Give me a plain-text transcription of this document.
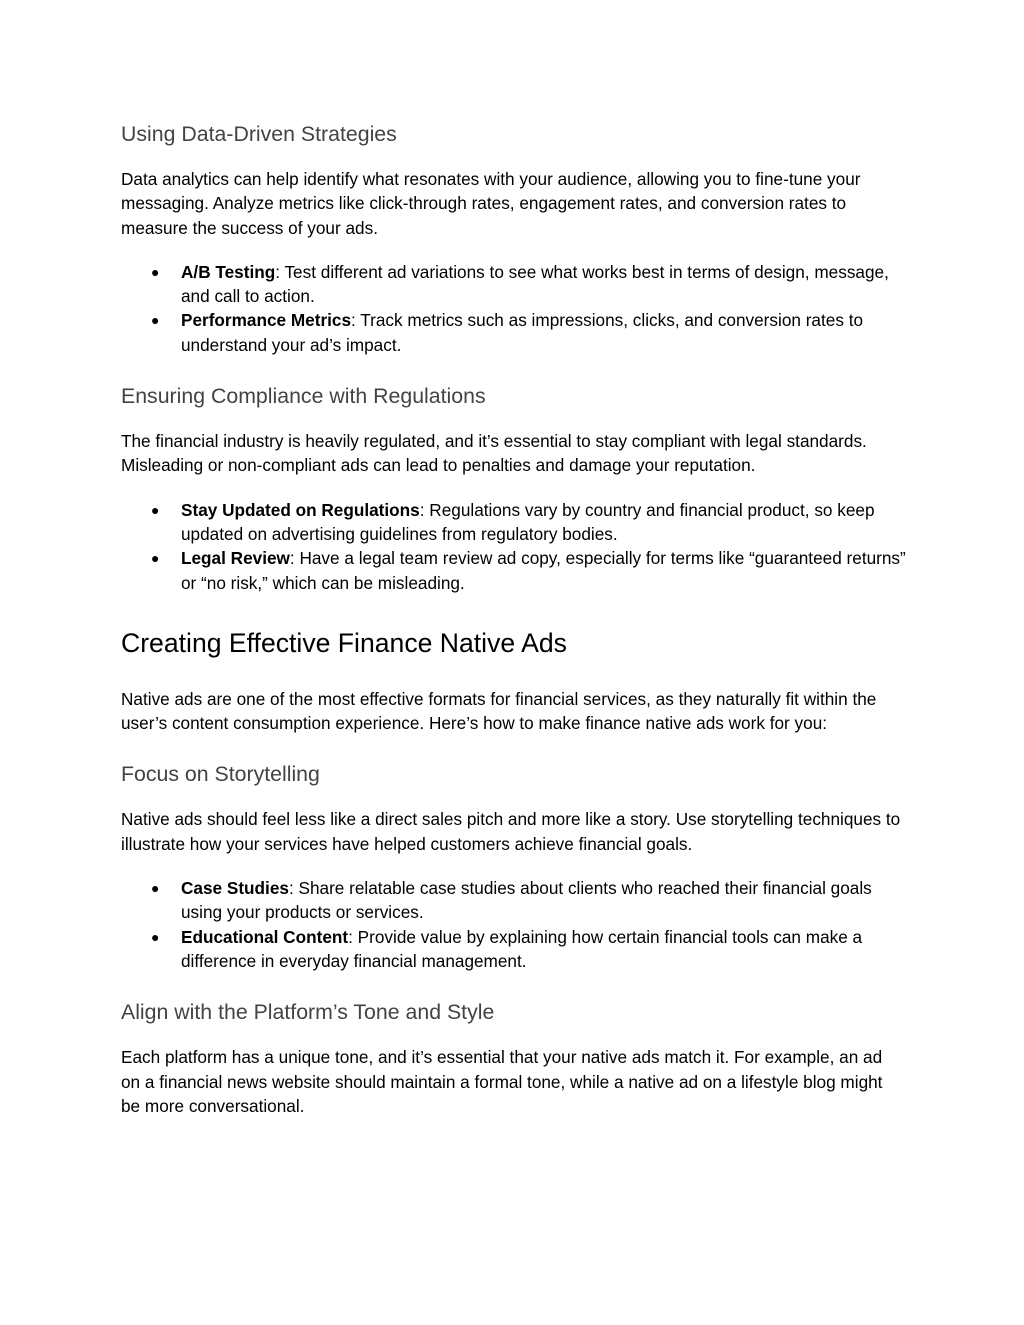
Using Data-Driven Strategies

Data analytics can help identify what resonates with your audience, allowing you to fine-tune your messaging. Analyze metrics like click-through rates, engagement rates, and conversion rates to measure the success of your ads.

● A/B Testing: Test different ad variations to see what works best in terms of design, message, and call to action.
● Performance Metrics: Track metrics such as impressions, clicks, and conversion rates to understand your ad’s impact.
Ensuring Compliance with Regulations

The financial industry is heavily regulated, and it’s essential to stay compliant with legal standards. Misleading or non-compliant ads can lead to penalties and damage your reputation.

● Stay Updated on Regulations: Regulations vary by country and financial product, so keep updated on advertising guidelines from regulatory bodies.
● Legal Review: Have a legal team review ad copy, especially for terms like “guaranteed returns” or “no risk,” which can be misleading.
Creating Effective Finance Native Ads

Native ads are one of the most effective formats for financial services, as they naturally fit within the user’s content consumption experience. Here’s how to make finance native ads work for you:

Focus on Storytelling

Native ads should feel less like a direct sales pitch and more like a story. Use storytelling techniques to illustrate how your services have helped customers achieve financial goals.

● Case Studies: Share relatable case studies about clients who reached their financial goals using your products or services.
● Educational Content: Provide value by explaining how certain financial tools can make a difference in everyday financial management.
Align with the Platform’s Tone and Style

Each platform has a unique tone, and it’s essential that your native ads match it. For example, an ad on a financial news website should maintain a formal tone, while a native ad on a lifestyle blog might be more conversational.
